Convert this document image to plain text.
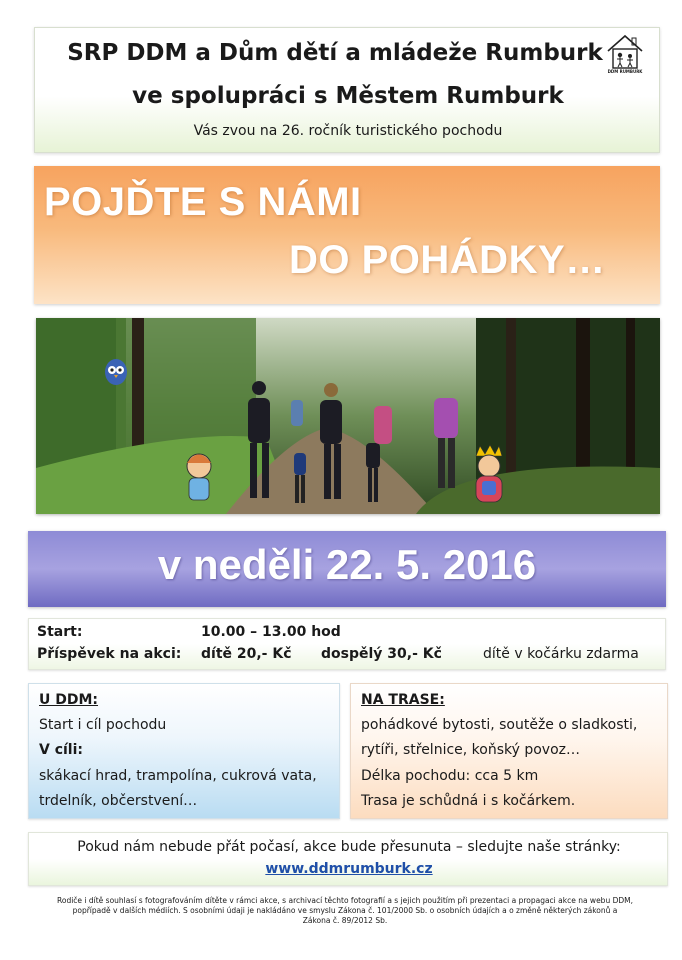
SRP DDM a Dům dětí a mládeže Rumburk
ve spolupráci s Městem Rumburk
Vás zvou na 26. ročník turistického pochodu
DDM RUMBURK
POJĎTE S NÁMI
DO POHÁDKY…
v neděli 22. 5. 2016
Start:	10.00 – 13.00 hod
Příspěvek na akci: dítě 20,- Kč dospělý 30,- Kč	dítě v kočárku zdarma
U DDM:
Start i cíl pochodu
V cíli:
skákací hrad, trampolína, cukrová vata,
trdelník, občerstvení…
NA TRASE:
pohádkové bytosti, soutěže o sladkosti,
rytíři, střelnice, koňský povoz…
Délka pochodu: cca 5 km
Trasa je schůdná i s kočárkem.
Pokud nám nebude přát počasí, akce bude přesunuta – sledujte naše stránky:
www.ddmrumburk.cz
Rodiče i dítě souhlasí s fotografováním dítěte v rámci akce, s archivací těchto fotografií a s jejich použitím při prezentaci a propagaci akce na webu DDM,
popřípadě v dalších médiích. S osobními údaji je nakládáno ve smyslu Zákona č. 101/2000 Sb. o osobních údajích a o změně některých zákonů a
Zákona č. 89/2012 Sb.
